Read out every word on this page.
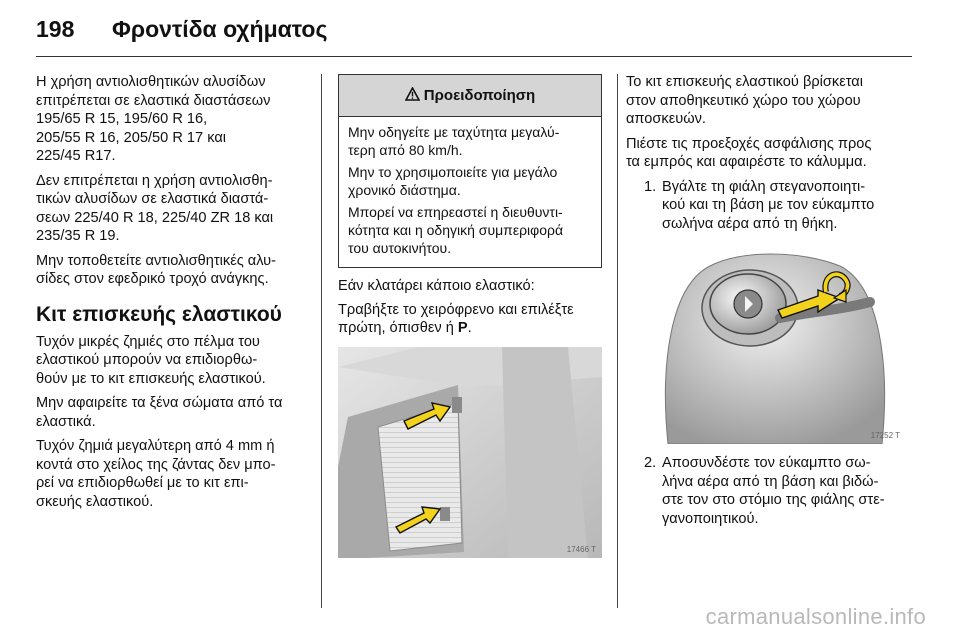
198 Φροντίδα οχήματος

Η χρήση αντιολισθητικών αλυσίδων
επιτρέπεται σε ελαστικά διαστάσεων
195/65 R 15, 195/60 R 16,
205/55 R 16, 205/50 R 17 και
225/45 R17.

Δεν επιτρέπεται η χρήση αντιολισθη-
τικών αλυσίδων σε ελαστικά διαστά-
σεων 225/40 R 18, 225/40 ZR 18 και
235/35 R 19.

Μην τοποθετείτε αντιολισθητικές αλυ-
σίδες στον εφεδρικό τροχό ανάγκης.

Κιτ επισκευής ελαστικού

Τυχόν μικρές ζημιές στο πέλμα του
ελαστικού μπορούν να επιδιορθω-
θούν με το κιτ επισκευής ελαστικού.

Μην αφαιρείτε τα ξένα σώματα από τα
ελαστικά.

Τυχόν ζημιά μεγαλύτερη από 4 mm ή
κοντά στο χείλος της ζάντας δεν μπο-
ρεί να επιδιορθωθεί με το κιτ επι-
σκευής ελαστικού.

Προειδοποίηση

Μην οδηγείτε με ταχύτητα μεγαλύ-
τερη από 80 km/h.

Μην το χρησιμοποιείτε για μεγάλο
χρονικό διάστημα.

Μπορεί να επηρεαστεί η διευθυντι-
κότητα και η οδηγική συμπεριφορά
του αυτοκινήτου.

Εάν κλατάρει κάποιο ελαστικό:

Τραβήξτε το χειρόφρενο και επιλέξτε
πρώτη, όπισθεν ή P.

17466 T

Το κιτ επισκευής ελαστικού βρίσκεται
στον αποθηκευτικό χώρο του χώρου
αποσκευών.

Πιέστε τις προεξοχές ασφάλισης προς
τα εμπρός και αφαιρέστε το κάλυμμα.

1. Βγάλτε τη φιάλη στεγανοποιητι-
κού και τη βάση με τον εύκαμπτο
σωλήνα αέρα από τη θήκη.
17252 T
2. Αποσυνδέστε τον εύκαμπτο σω-
λήνα αέρα από τη βάση και βιδώ-
στε τον στο στόμιο της φιάλης στε-
γανοποιητικού.
carmanualsonline.info
